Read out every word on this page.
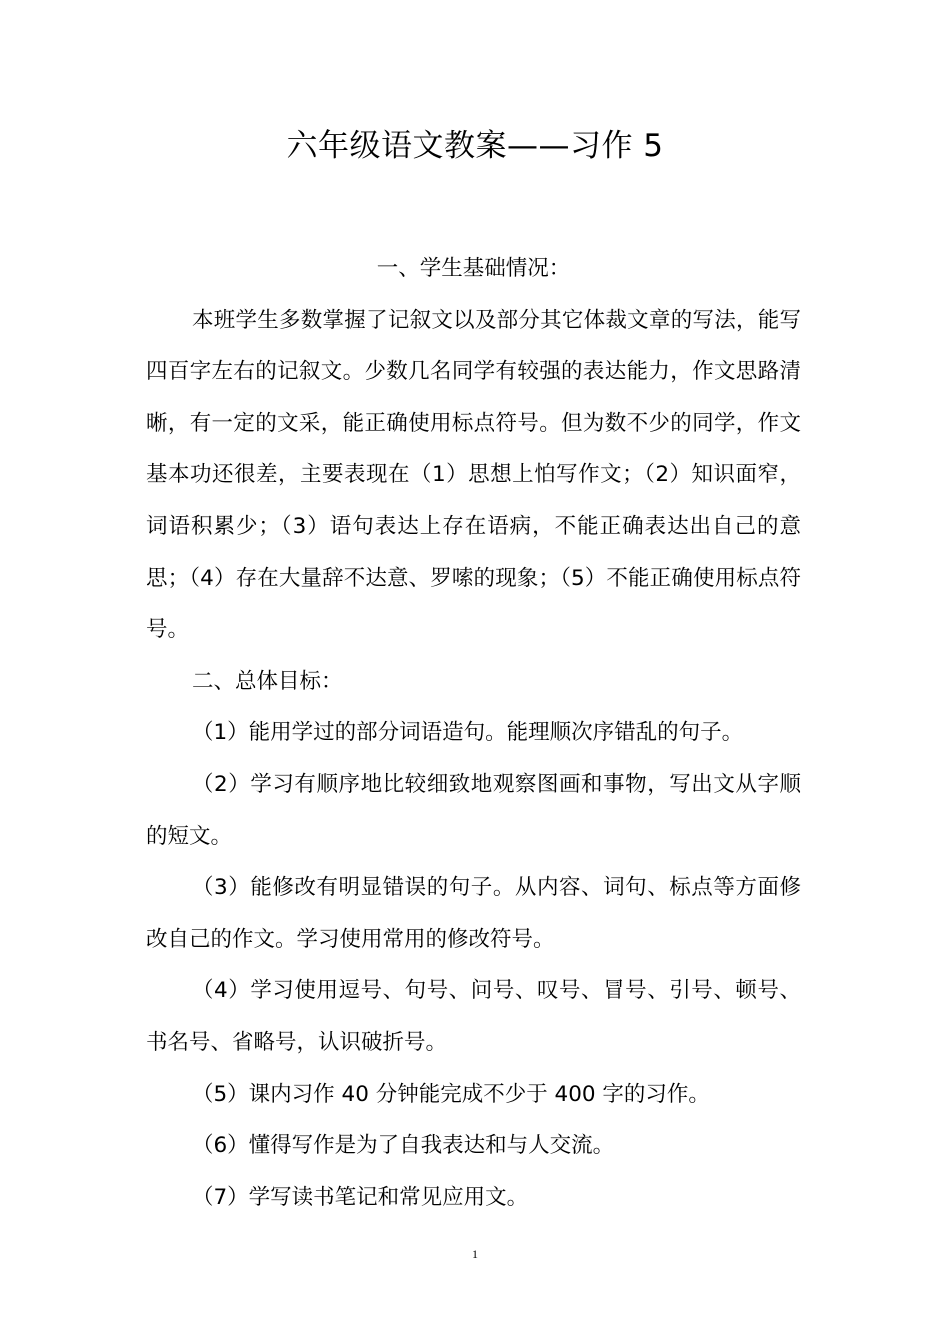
六年级语文教案——习作 5

一、学生基础情况：

本班学生多数掌握了记叙文以及部分其它体裁文章的写法，能写四百字左右的记叙文。少数几名同学有较强的表达能力，作文思路清晰，有一定的文采，能正确使用标点符号。但为数不少的同学，作文基本功还很差，主要表现在（1）思想上怕写作文；（2）知识面窄，词语积累少；（3）语句表达上存在语病，不能正确表达出自己的意思；（4）存在大量辞不达意、罗嗦的现象；（5）不能正确使用标点符号。

二、总体目标：

（1）能用学过的部分词语造句。能理顺次序错乱的句子。

（2）学习有顺序地比较细致地观察图画和事物，写出文从字顺的短文。

（3）能修改有明显错误的句子。从内容、词句、标点等方面修改自己的作文。学习使用常用的修改符号。

（4）学习使用逗号、句号、问号、叹号、冒号、引号、顿号、书名号、省略号，认识破折号。

（5）课内习作 40 分钟能完成不少于 400 字的习作。

（6）懂得写作是为了自我表达和与人交流。

（7）学写读书笔记和常见应用文。

1
